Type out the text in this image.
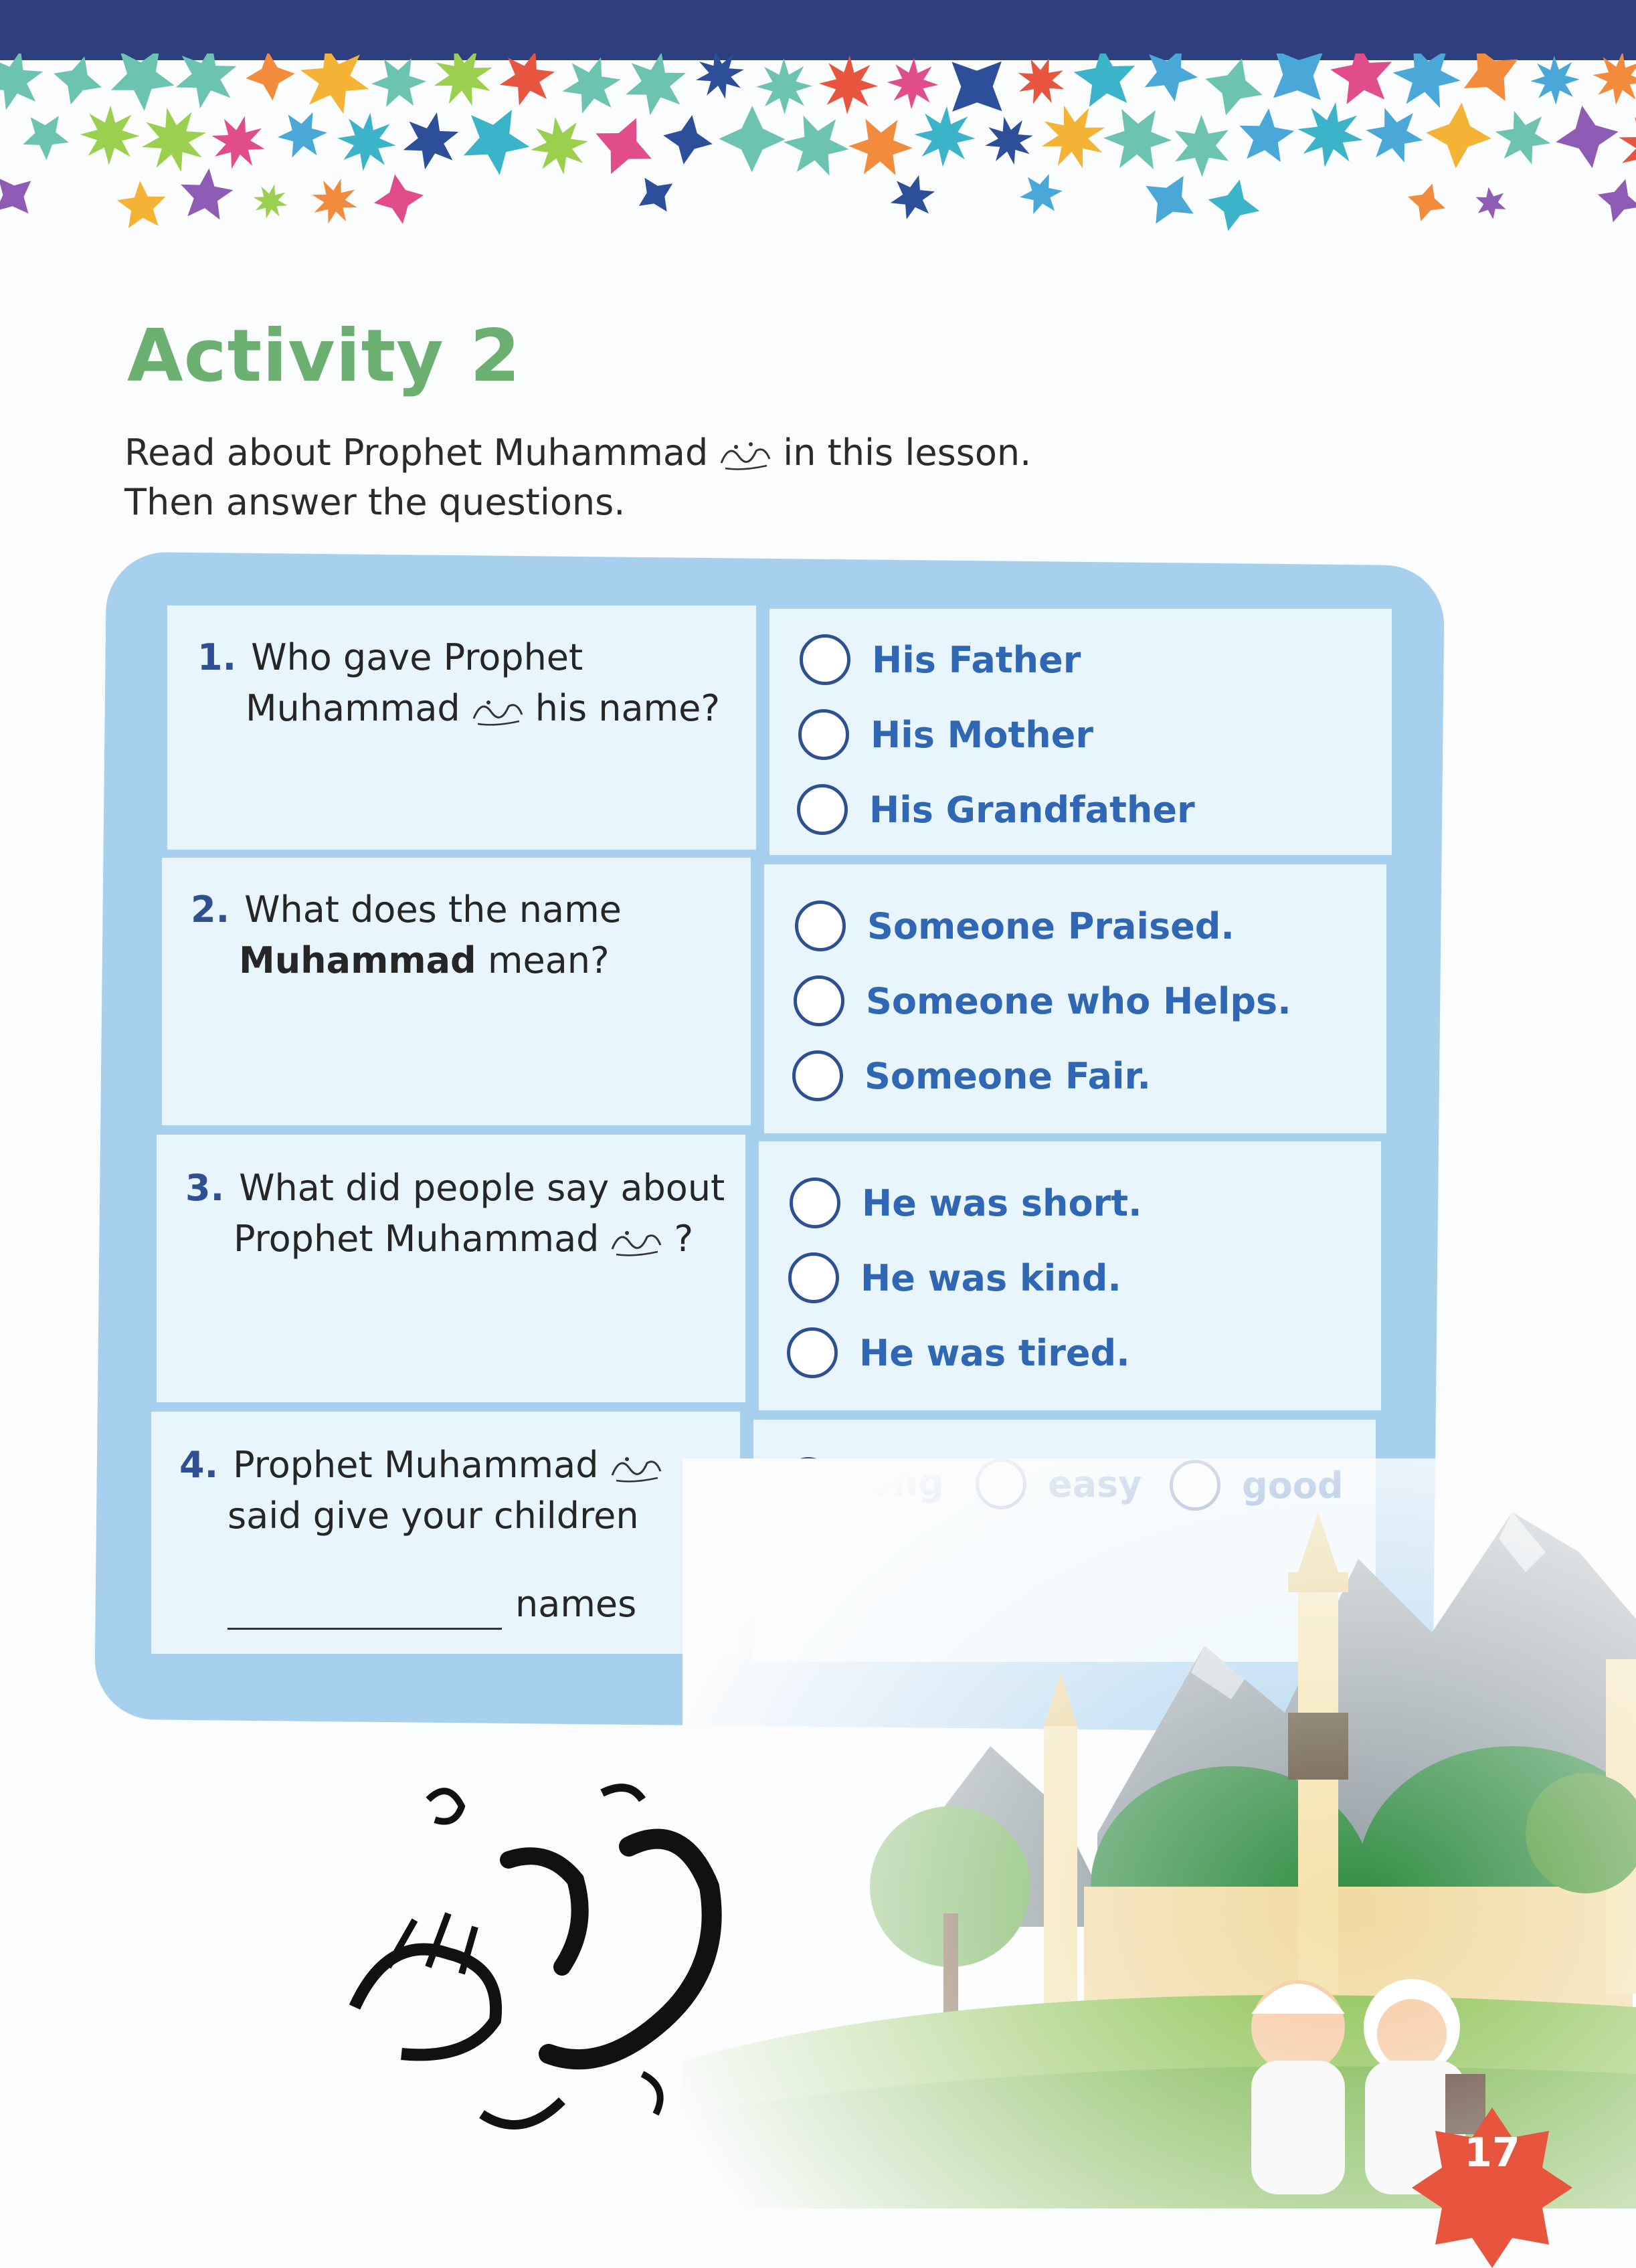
Activity 2
Read about Prophet Muhammad in this lesson.
Then answer the questions.
1. Who gave Prophet
Muhammad his name?
His Father
His Mother
His Grandfather
2. What does the name
Muhammad mean?
Someone Praised.
Someone who Helps.
Someone Fair.
3. What did people say about
Prophet Muhammad ?
He was short.
He was kind.
He was tired.
4. Prophet Muhammad
said give your children
names
17
